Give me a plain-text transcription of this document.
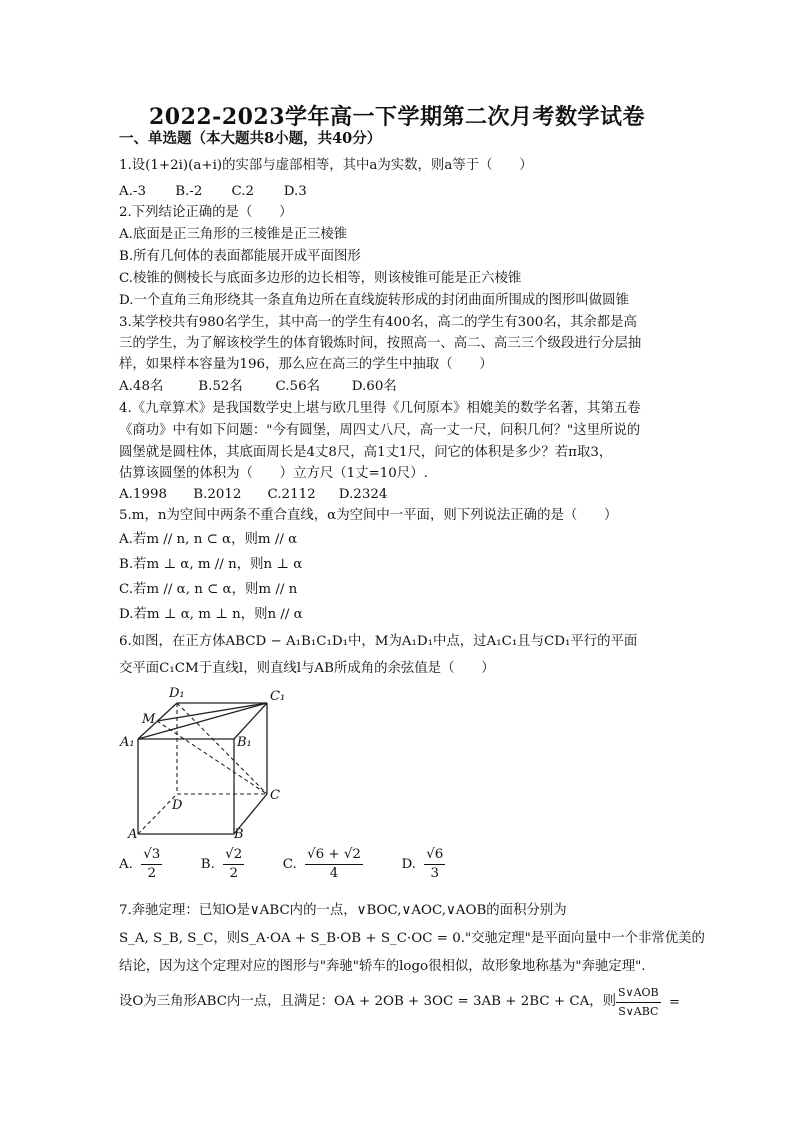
2022-2023学年高一下学期第二次月考数学试卷
一、单选题（本大题共8小题，共40分）
1.设(1+2i)(a+i)的实部与虚部相等，其中a为实数，则a等于（　　）
A.-3 B.-2 C.2 D.3
2.下列结论正确的是（　　）
A.底面是正三角形的三棱锥是正三棱锥
B.所有几何体的表面都能展开成平面图形
C.棱锥的侧棱长与底面多边形的边长相等，则该棱锥可能是正六棱锥
D.一个直角三角形绕其一条直角边所在直线旋转形成的封闭曲面所围成的图形叫做圆锥
3.某学校共有980名学生，其中高一的学生有400名，高二的学生有300名，其余都是高
三的学生，为了解该校学生的体育锻炼时间，按照高一、高二、高三三个级段进行分层抽
样，如果样本容量为196，那么应在高三的学生中抽取（　　）
A.48名	B.52名 C.56名 D.60名
4.《九章算术》是我国数学史上堪与欧几里得《几何原本》相媲美的数学名著，其第五卷
《商功》中有如下问题："今有圆堡，周四丈八尺，高一丈一尺，问积几何？"这里所说的
圆堡就是圆柱体，其底面周长是4丈8尺，高1丈1尺，问它的体积是多少？若π取3，
估算该圆堡的体积为（　　）立方尺（1丈=10尺）.
A.1998 B.2012 C.2112 D.2324
5.m，n为空间中两条不重合直线，α为空间中一平面，则下列说法正确的是（　　）
A.若m // n, n ⊂ α，则m // α
B.若m ⊥ α, m // n，则n ⊥ α
C.若m // α, n ⊂ α，则m // n
D.若m ⊥ α, m ⊥ n，则n // α
6.如图，在正方体ABCD − A₁B₁C₁D₁中，M为A₁D₁中点，过A₁C₁且与CD₁平行的平面
交平面C₁CM于直线l，则直线l与AB所成角的余弦值是（　　）
D₁	C₁
M
A₁	B₁
D
C
A	B
A. $\frac{√3}{2}$	B. $\frac{√2}{2}$	C. $\frac{√6 + √2}{4}$	D. $\frac{√6}{3}$
7.奔驰定理：已知O是∨ABC内的一点，∨BOC,∨AOC,∨AOB的面积分别为
S_A, S_B, S_C，则S_A·OA + S_B·OB + S_C·OC = 0."交驰定理"是平面向量中一个非常优美的
结论，因为这个定理对应的图形与"奔驰"轿车的logo很相似，故形象地称基为"奔驰定理".
设O为三角形ABC内一点，且满足：OA + 2OB + 3OC = 3AB + 2BC + CA，则 $\frac{\text{S∨AOB}}{\text{S∨ABC}}$ =
